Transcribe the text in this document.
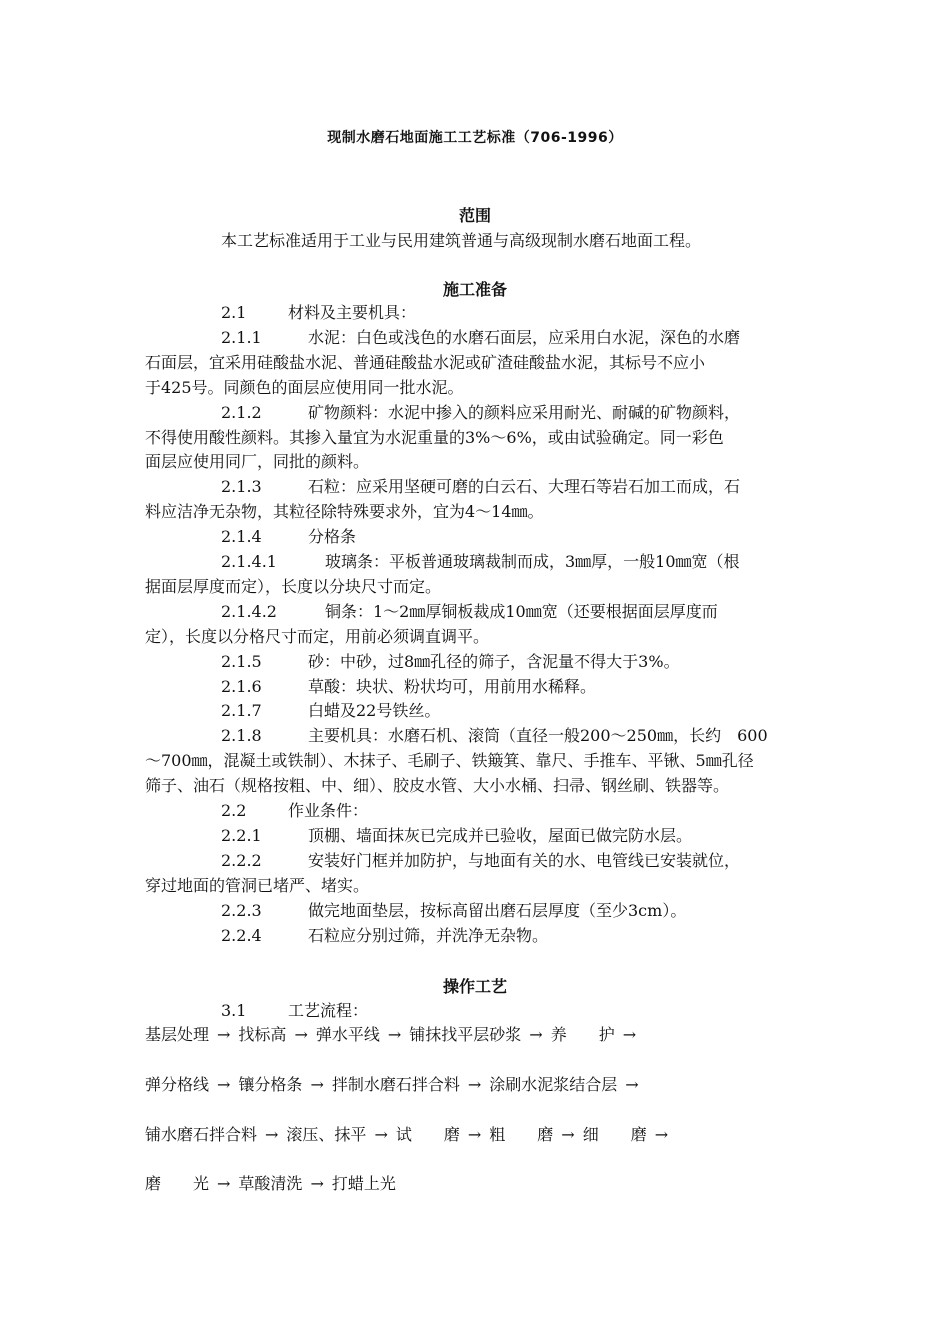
现制水磨石地面施工工艺标准（706-1996）
范围
本工艺标准适用于工业与民用建筑普通与高级现制水磨石地面工程。
施工准备
2.1	材料及主要机具：
2.1.1	水泥：白色或浅色的水磨石面层，应采用白水泥，深色的水磨
石面层，宜采用硅酸盐水泥、普通硅酸盐水泥或矿渣硅酸盐水泥，其标号不应小
于425号。同颜色的面层应使用同一批水泥。
2.1.2	矿物颜料：水泥中掺入的颜料应采用耐光、耐碱的矿物颜料，
不得使用酸性颜料。其掺入量宜为水泥重量的3%～6%，或由试验确定。同一彩色
面层应使用同厂，同批的颜料。
2.1.3	石粒：应采用坚硬可磨的白云石、大理石等岩石加工而成，石
料应洁净无杂物，其粒径除特殊要求外，宜为4～14㎜。
2.1.4	分格条
2.1.4.1	玻璃条：平板普通玻璃裁制而成，3㎜厚，一般10㎜宽（根
据面层厚度而定），长度以分块尺寸而定。
2.1.4.2	铜条：1～2㎜厚铜板裁成10㎜宽（还要根据面层厚度而
定），长度以分格尺寸而定，用前必须调直调平。
2.1.5	砂：中砂，过8㎜孔径的筛子，含泥量不得大于3%。
2.1.6	草酸：块状、粉状均可，用前用水稀释。
2.1.7	白蜡及22号铁丝。
2.1.8	主要机具：水磨石机、滚筒（直径一般200～250㎜，长约　600
～700㎜，混凝土或铁制）、木抹子、毛刷子、铁簸箕、靠尺、手推车、平锹、5㎜孔径
筛子、油石（规格按粗、中、细）、胶皮水管、大小水桶、扫帚、钢丝刷、铁器等。
2.2	作业条件：
2.2.1	顶棚、墙面抹灰已完成并已验收，屋面已做完防水层。
2.2.2	安装好门框并加防护，与地面有关的水、电管线已安装就位，
穿过地面的管洞已堵严、堵实。
2.2.3	做完地面垫层，按标高留出磨石层厚度（至少3cm）。
2.2.4	石粒应分别过筛，并洗净无杂物。
操作工艺
3.1	工艺流程：
基层处理 → 找标高 → 弹水平线 → 铺抹找平层砂浆 → 养　　护 →
弹分格线 → 镶分格条 → 拌制水磨石拌合料 → 涂刷水泥浆结合层 →
铺水磨石拌合料 → 滚压、抹平 → 试　　磨 → 粗　　磨 → 细　　磨 →
磨　　光 → 草酸清洗 → 打蜡上光
